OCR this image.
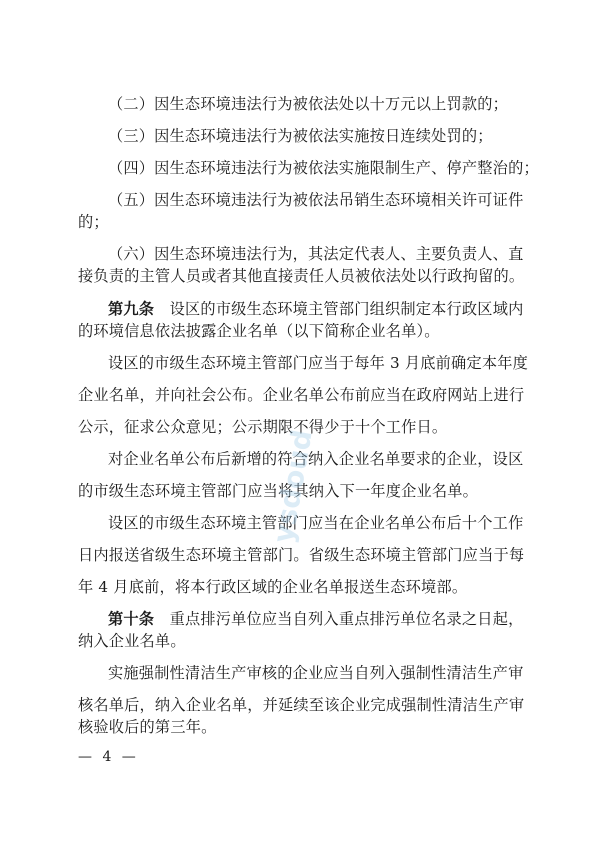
（二）因生态环境违法行为被依法处以十万元以上罚款的；
（三）因生态环境违法行为被依法实施按日连续处罚的；
（四）因生态环境违法行为被依法实施限制生产、停产整治的；
（五）因生态环境违法行为被依法吊销生态环境相关许可证件
的；
（六）因生态环境违法行为，其法定代表人、主要负责人、直
接负责的主管人员或者其他直接责任人员被依法处以行政拘留的。
第九条　 设区的市级生态环境主管部门组织制定本行政区域内
的环境信息依法披露企业名单（以下简称企业名单）。
设区的市级生态环境主管部门应当于每年 3 月底前确定本年度
企业名单，并向社会公布。企业名单公布前应当在政府网站上进行
公示，征求公众意见；公示期限不得少于十个工作日。
对企业名单公布后新增的符合纳入企业名单要求的企业，设区
的市级生态环境主管部门应当将其纳入下一年度企业名单。
设区的市级生态环境主管部门应当在企业名单公布后十个工作
日内报送省级生态环境主管部门。省级生态环境主管部门应当于每
年 4 月底前，将本行政区域的企业名单报送生态环境部。
第十条　 重点排污单位应当自列入重点排污单位名录之日起，
纳入企业名单。
实施强制性清洁生产审核的企业应当自列入强制性清洁生产审
核名单后，纳入企业名单，并延续至该企业完成强制性清洁生产审
核验收后的第三年。
— 4 —
ysdoud
